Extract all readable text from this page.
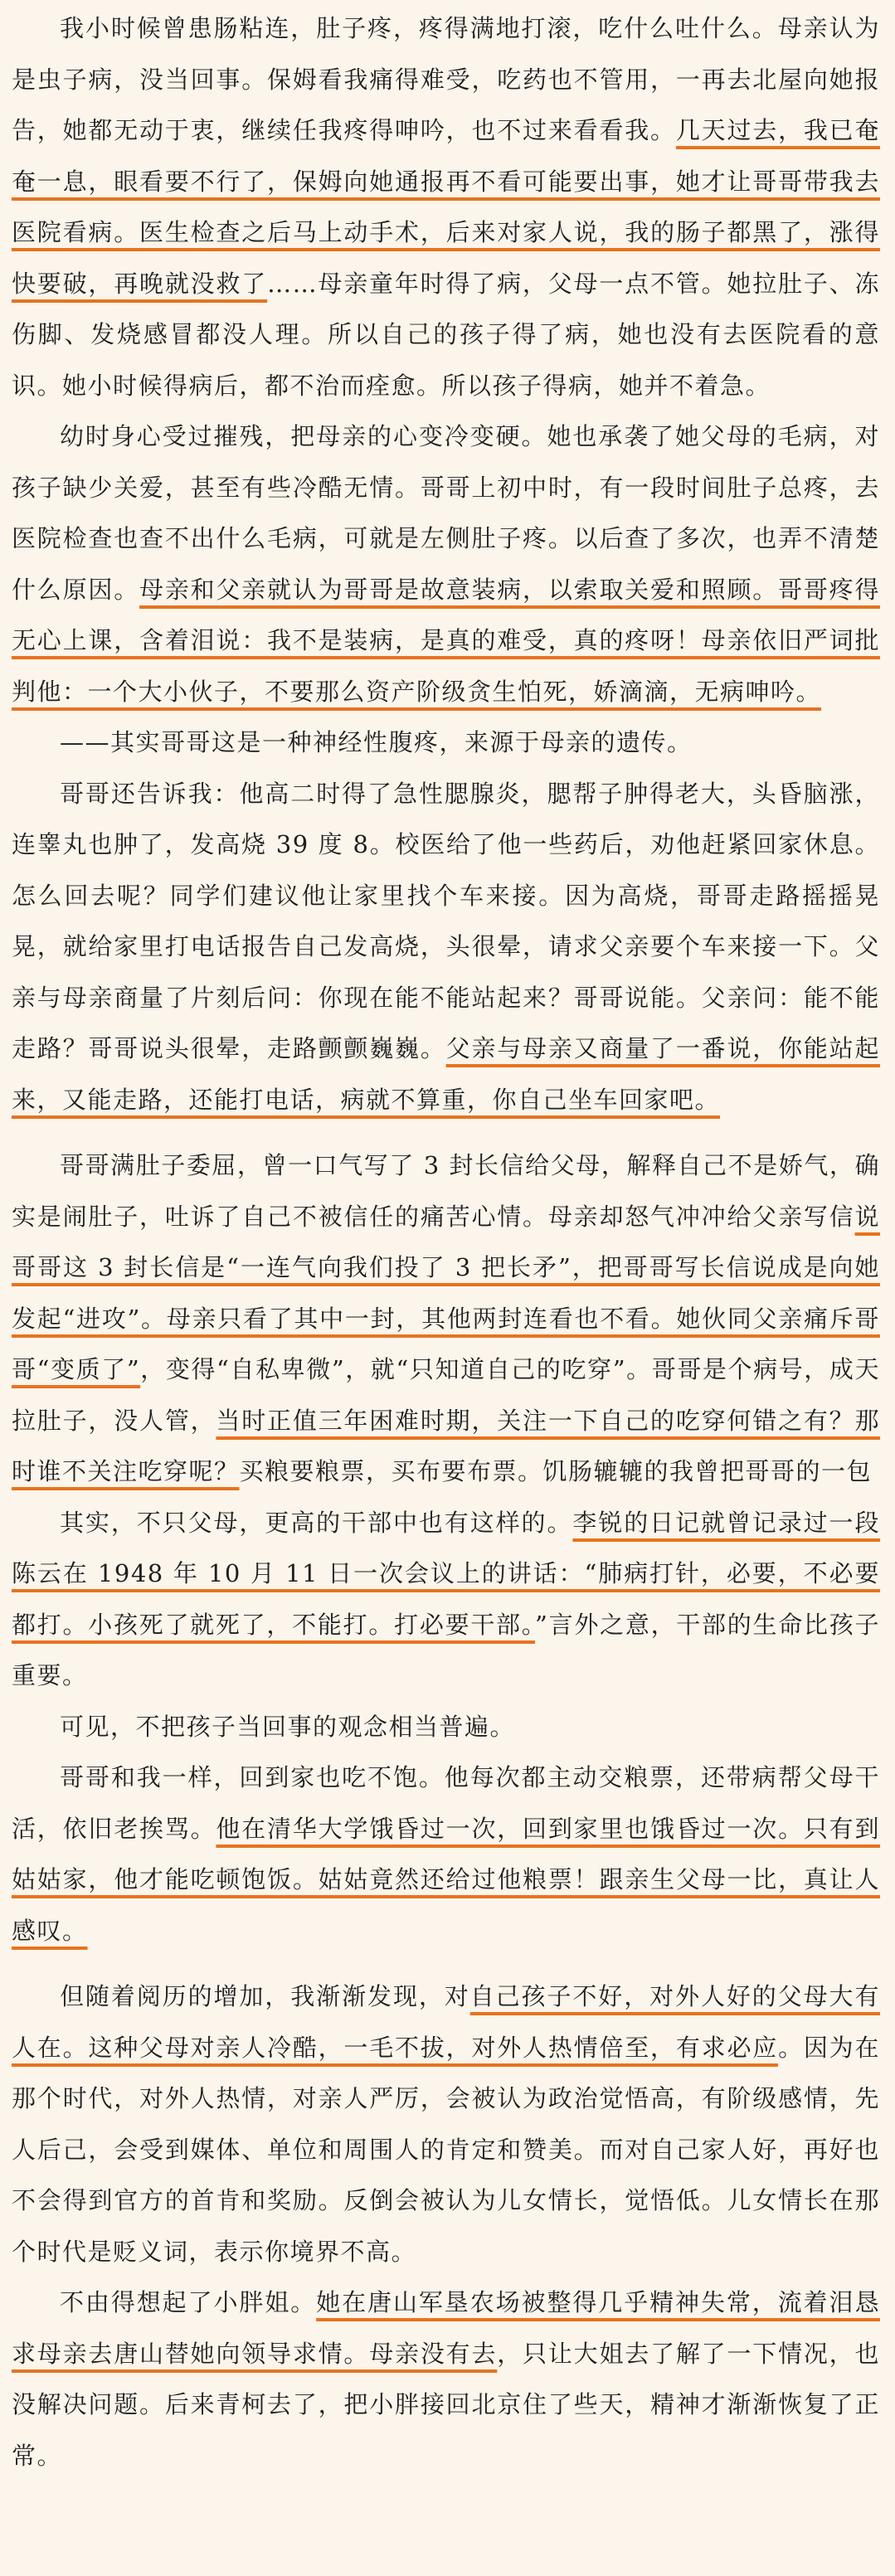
我小时候曾患肠粘连，肚子疼，疼得满地打滚，吃什么吐什么。母亲认为是虫子病，没当回事。保姆看我痛得难受，吃药也不管用，一再去北屋向她报告，她都无动于衷，继续任我疼得呻吟，也不过来看看我。几天过去，我已奄奄一息，眼看要不行了，保姆向她通报再不看可能要出事，她才让哥哥带我去医院看病。医生检查之后马上动手术，后来对家人说，我的肠子都黑了，涨得快要破，再晚就没救了……母亲童年时得了病，父母一点不管。她拉肚子、冻伤脚、发烧感冒都没人理。所以自己的孩子得了病，她也没有去医院看的意识。她小时候得病后，都不治而痊愈。所以孩子得病，她并不着急。

幼时身心受过摧残，把母亲的心变冷变硬。她也承袭了她父母的毛病，对孩子缺少关爱，甚至有些冷酷无情。哥哥上初中时，有一段时间肚子总疼，去医院检查也查不出什么毛病，可就是左侧肚子疼。以后查了多次，也弄不清楚什么原因。母亲和父亲就认为哥哥是故意装病，以索取关爱和照顾。哥哥疼得无心上课，含着泪说：我不是装病，是真的难受，真的疼呀！母亲依旧严词批判他：一个大小伙子，不要那么资产阶级贪生怕死，娇滴滴，无病呻吟。

——其实哥哥这是一种神经性腹疼，来源于母亲的遗传。

哥哥还告诉我：他高二时得了急性腮腺炎，腮帮子肿得老大，头昏脑涨，连睾丸也肿了，发高烧 39 度 8。校医给了他一些药后，劝他赶紧回家休息。怎么回去呢？同学们建议他让家里找个车来接。因为高烧，哥哥走路摇摇晃晃，就给家里打电话报告自己发高烧，头很晕，请求父亲要个车来接一下。父亲与母亲商量了片刻后问：你现在能不能站起来？哥哥说能。父亲问：能不能走路？哥哥说头很晕，走路颤颤巍巍。父亲与母亲又商量了一番说，你能站起来，又能走路，还能打电话，病就不算重，你自己坐车回家吧。

哥哥满肚子委屈，曾一口气写了 3 封长信给父母，解释自己不是娇气，确实是闹肚子，吐诉了自己不被信任的痛苦心情。母亲却怒气冲冲给父亲写信说哥哥这 3 封长信是“一连气向我们投了 3 把长矛”，把哥哥写长信说成是向她发起“进攻”。母亲只看了其中一封，其他两封连看也不看。她伙同父亲痛斥哥哥“变质了”，变得“自私卑微”，就“只知道自己的吃穿”。哥哥是个病号，成天拉肚子，没人管，当时正值三年困难时期，关注一下自己的吃穿何错之有？那时谁不关注吃穿呢？买粮要粮票，买布要布票。饥肠辘辘的我曾把哥哥的一包

其实，不只父母，更高的干部中也有这样的。李锐的日记就曾记录过一段陈云在 1948 年 10 月 11 日一次会议上的讲话：“肺病打针，必要，不必要都打。小孩死了就死了，不能打。打必要干部。”言外之意，干部的生命比孩子重要。

可见，不把孩子当回事的观念相当普遍。

哥哥和我一样，回到家也吃不饱。他每次都主动交粮票，还带病帮父母干活，依旧老挨骂。他在清华大学饿昏过一次，回到家里也饿昏过一次。只有到姑姑家，他才能吃顿饱饭。姑姑竟然还给过他粮票！跟亲生父母一比，真让人感叹。

但随着阅历的增加，我渐渐发现，对自己孩子不好，对外人好的父母大有人在。这种父母对亲人冷酷，一毛不拔，对外人热情倍至，有求必应。因为在那个时代，对外人热情，对亲人严厉，会被认为政治觉悟高，有阶级感情，先人后己，会受到媒体、单位和周围人的肯定和赞美。而对自己家人好，再好也不会得到官方的首肯和奖励。反倒会被认为儿女情长，觉悟低。儿女情长在那个时代是贬义词，表示你境界不高。

不由得想起了小胖姐。她在唐山军垦农场被整得几乎精神失常，流着泪恳求母亲去唐山替她向领导求情。母亲没有去，只让大姐去了解了一下情况，也没解决问题。后来青柯去了，把小胖接回北京住了些天，精神才渐渐恢复了正常。
